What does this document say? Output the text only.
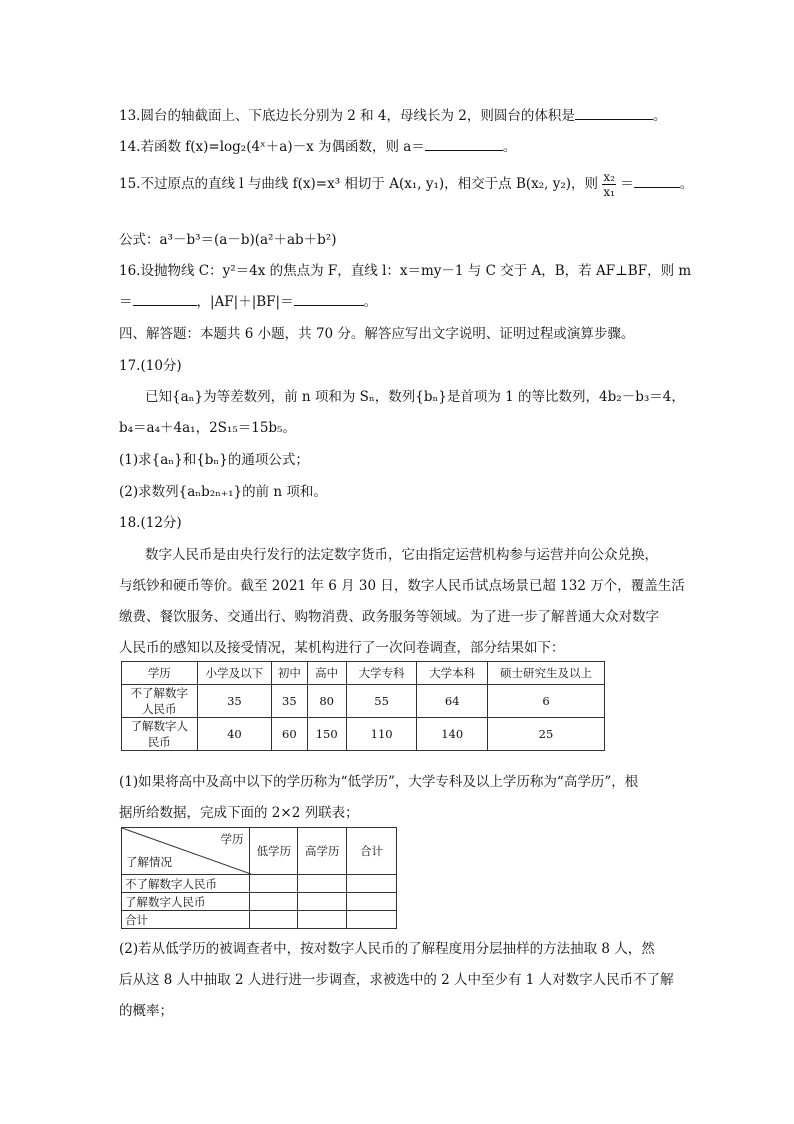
13.圆台的轴截面上、下底边长分别为 2 和 4，母线长为 2，则圆台的体积是	。
14.若函数 f(x)=log₂(4ˣ＋a)－x 为偶函数，则 a＝	。
15.不过原点的直线 l 与曲线 f(x)=x³ 相切于 A(x₁, y₁)，相交于点 B(x₂, y₂)，则 $\frac{\text{x₂}}{\text{x₁}}$ ＝	。
公式：a³－b³＝(a－b)(a²＋ab＋b²)
16.设抛物线 C：y²＝4x 的焦点为 F，直线 l：x＝my－1 与 C 交于 A，B，若 AF⊥BF，则 m
＝	，|AF|＋|BF|＝	。
四、解答题：本题共 6 小题，共 70 分。解答应写出文字说明、证明过程或演算步骤。
17.(10分)
已知{aₙ}为等差数列，前 n 项和为 Sₙ，数列{bₙ}是首项为 1 的等比数列，4b₂－b₃＝4，
b₄＝a₄＋4a₁，2S₁₅＝15b₅。
(1)求{aₙ}和{bₙ}的通项公式；
(2)求数列{aₙb₂ₙ₊₁}的前 n 项和。
18.(12分)
数字人民币是由央行发行的法定数字货币，它由指定运营机构参与运营并向公众兑换，
与纸钞和硬币等价。截至 2021 年 6 月 30 日，数字人民币试点场景已超 132 万个，覆盖生活
缴费、餐饮服务、交通出行、购物消费、政务服务等领域。为了进一步了解普通大众对数字
人民币的感知以及接受情况，某机构进行了一次问卷调查，部分结果如下：
学历	小学及以下	初中	高中	大学专科	大学本科	硕士研究生及以上
不了解数字
人民币	35	35	80	55	64	6
了解数字人
民币	40	60	150	110	140	25
(1)如果将高中及高中以下的学历称为“低学历”，大学专科及以上学历称为“高学历”，根
据所给数据，完成下面的 2×2 列联表；
学历
了解情况	低学历	高学历	合计
不了解数字人民币			
了解数字人民币			
合计			
(2)若从低学历的被调查者中，按对数字人民币的了解程度用分层抽样的方法抽取 8 人，然
后从这 8 人中抽取 2 人进行进一步调查，求被选中的 2 人中至少有 1 人对数字人民币不了解
的概率；
